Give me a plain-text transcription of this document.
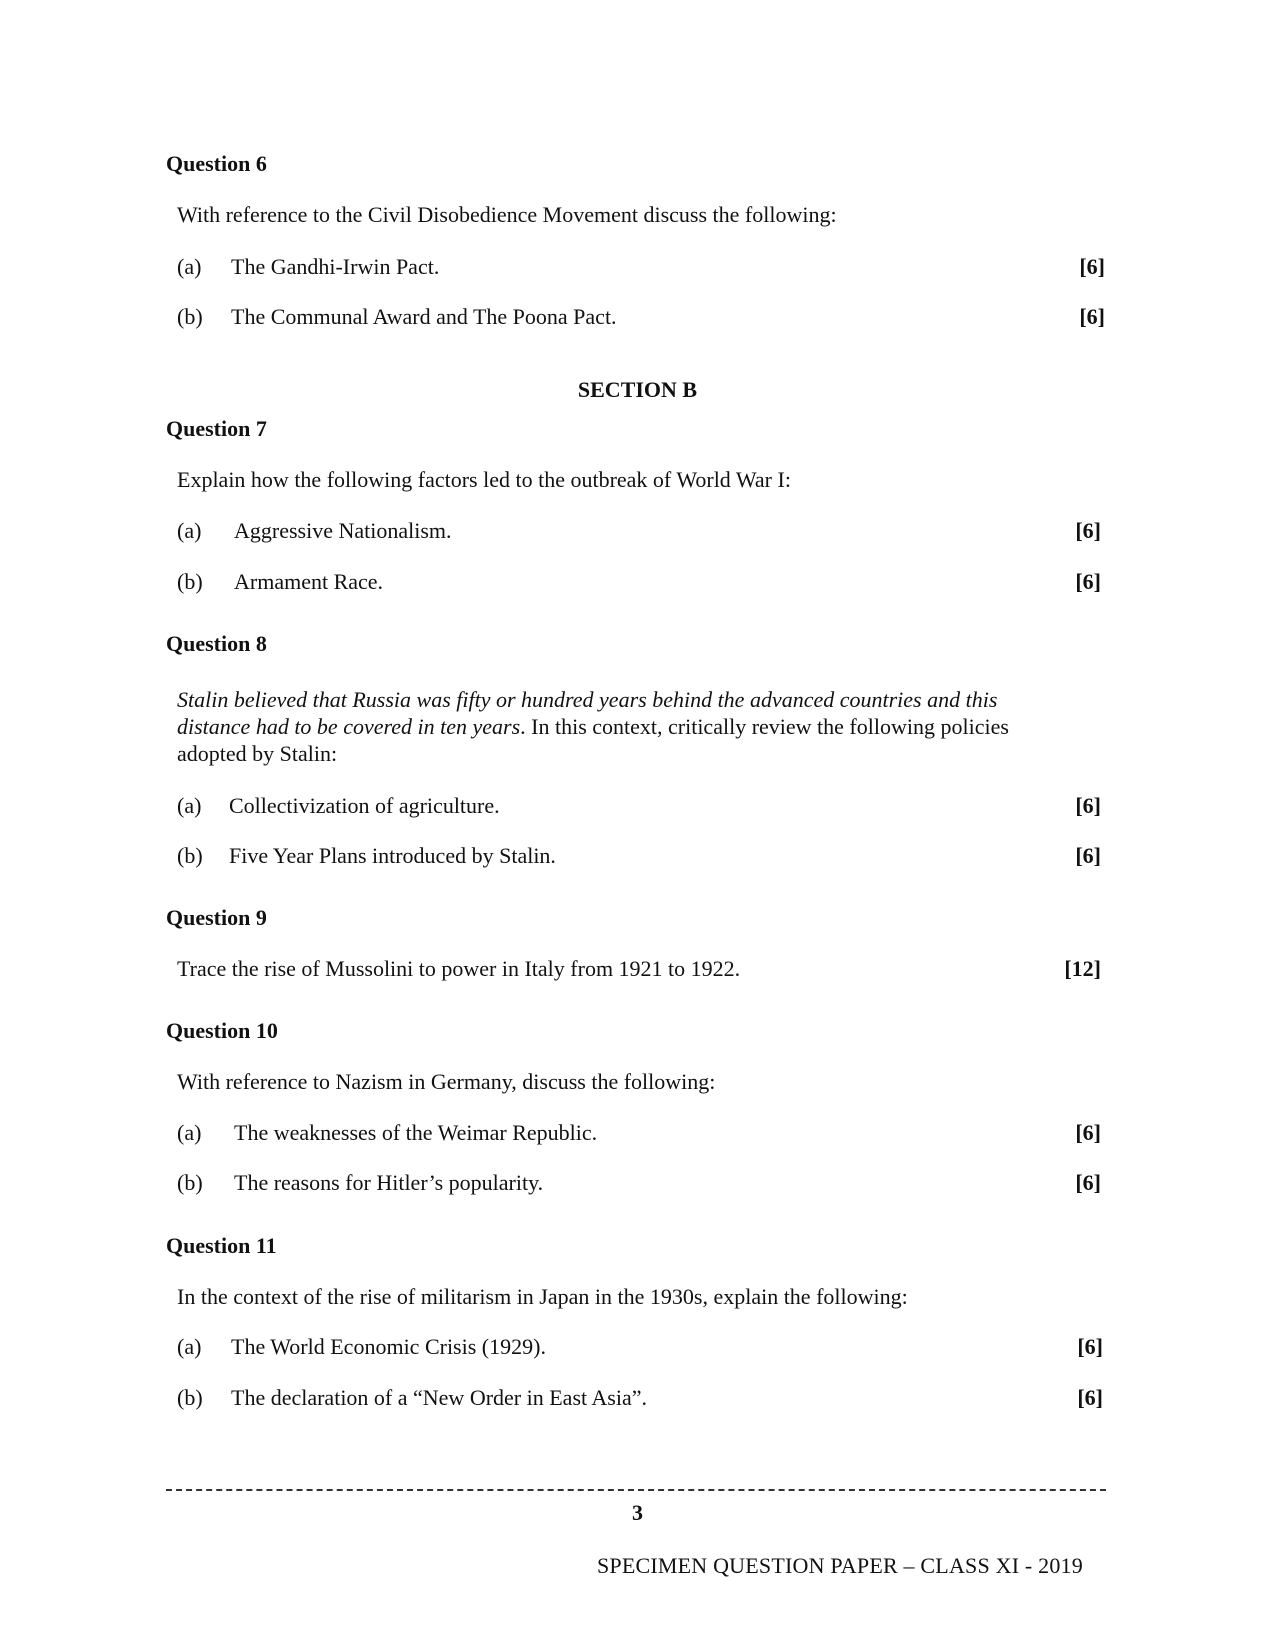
Question 6
With reference to the Civil Disobedience Movement discuss the following:
(a) The Gandhi-Irwin Pact.	[6]
(b) The Communal Award and The Poona Pact.	[6]
SECTION B
Question 7
Explain how the following factors led to the outbreak of World War I:
(a) Aggressive Nationalism.	[6]
(b) Armament Race.	[6]
Question 8
Stalin believed that Russia was fifty or hundred years behind the advanced countries and this distance had to be covered in ten years. In this context, critically review the following policies adopted by Stalin:
(a) Collectivization of agriculture.	[6]
(b) Five Year Plans introduced by Stalin.	[6]
Question 9
Trace the rise of Mussolini to power in Italy from 1921 to 1922.	[12]
Question 10
With reference to Nazism in Germany, discuss the following:
(a) The weaknesses of the Weimar Republic.	[6]
(b) The reasons for Hitler’s popularity.	[6]
Question 11
In the context of the rise of militarism in Japan in the 1930s, explain the following:
(a) The World Economic Crisis (1929).	[6]
(b) The declaration of a “New Order in East Asia”.	[6]
3
SPECIMEN QUESTION PAPER – CLASS XI - 2019
